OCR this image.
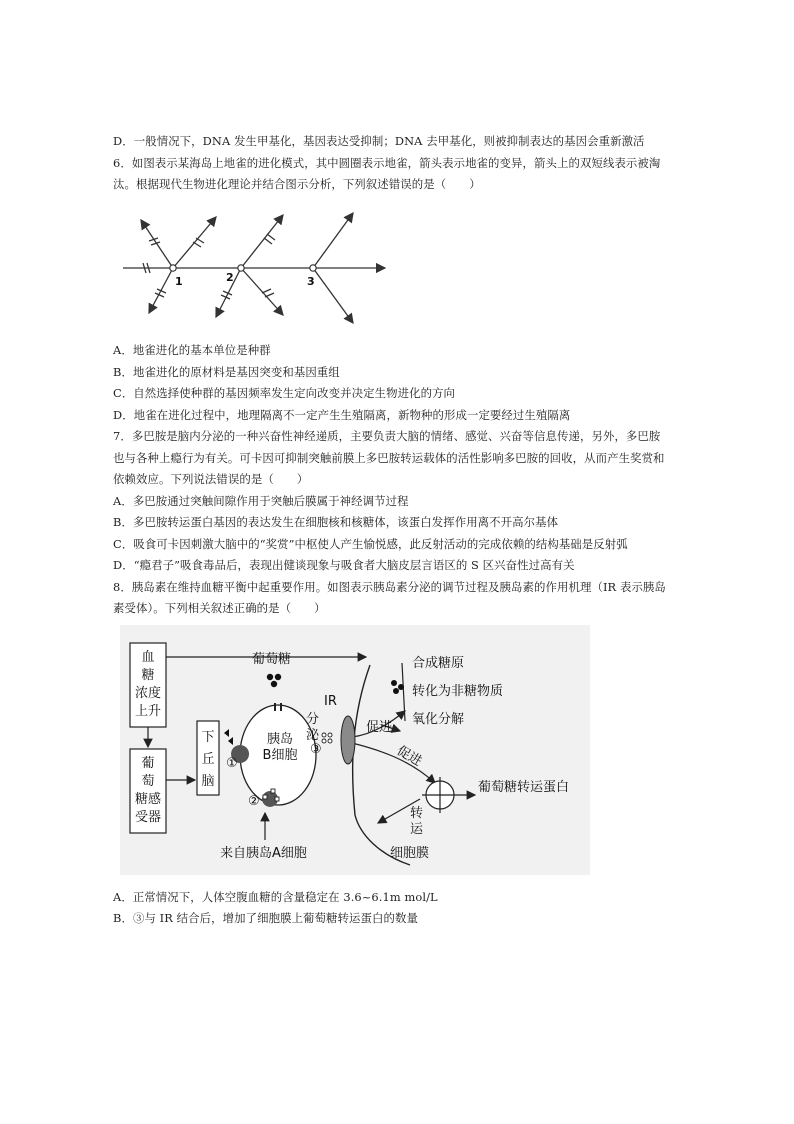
D．一般情况下，DNA 发生甲基化，基因表达受抑制；DNA 去甲基化，则被抑制表达的基因会重新激活
6．如图表示某海岛上地雀的进化模式，其中圆圈表示地雀，箭头表示地雀的变异，箭头上的双短线表示被淘
汰。根据现代生物进化理论并结合图示分析，下列叙述错误的是（　　）
1	2	3
A．地雀进化的基本单位是种群
B．地雀进化的原材料是基因突变和基因重组
C．自然选择使种群的基因频率发生定向改变并决定生物进化的方向
D．地雀在进化过程中，地理隔离不一定产生生殖隔离，新物种的形成一定要经过生殖隔离
7．多巴胺是脑内分泌的一种兴奋性神经递质，主要负责大脑的情绪、感觉、兴奋等信息传递，另外，多巴胺
也与各种上瘾行为有关。可卡因可抑制突触前膜上多巴胺转运载体的活性影响多巴胺的回收，从而产生奖赏和
依赖效应。下列说法错误的是（　　）
A．多巴胺通过突触间隙作用于突触后膜属于神经调节过程
B．多巴胺转运蛋白基因的表达发生在细胞核和核糖体，该蛋白发挥作用离不开高尔基体
C．吸食可卡因刺激大脑中的“奖赏”中枢使人产生愉悦感，此反射活动的完成依赖的结构基础是反射弧
D．“瘾君子”吸食毒品后，表现出健谈现象与吸食者大脑皮层言语区的 S 区兴奋性过高有关
8．胰岛素在维持血糖平衡中起重要作用。如图表示胰岛素分泌的调节过程及胰岛素的作用机理（IR 表示胰岛
素受体）。下列相关叙述正确的是（　　）
血
糖
浓度
上升
葡
萄
糖感
受器
下
丘
脑
葡萄糖
胰岛
B细胞
分
泌
①
②
③
IR
促进
促进
合成糖原
转化为非糖物质
氧化分解
葡萄糖转运蛋白
转
运
细胞膜
来自胰岛A细胞
A．正常情况下，人体空腹血糖的含量稳定在 3.6~6.1m mol/L
B．③与 IR 结合后，增加了细胞膜上葡萄糖转运蛋白的数量
